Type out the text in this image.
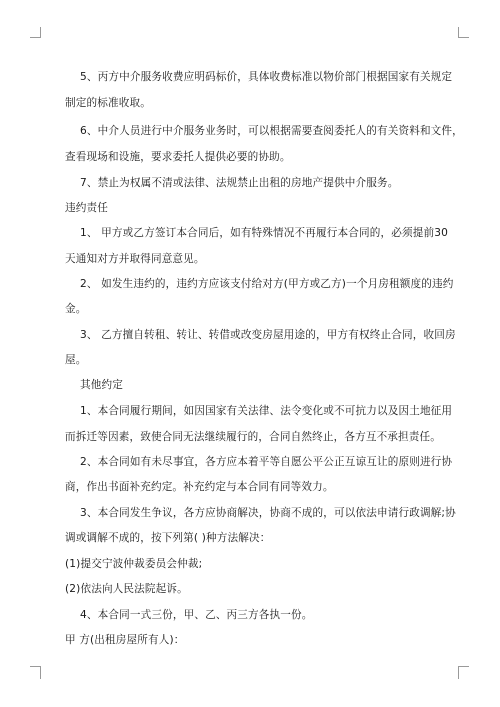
5、丙方中介服务收费应明码标价，具体收费标准以物价部门根据国家有关规定
制定的标准收取。
6、中介人员进行中介服务业务时，可以根据需要查阅委托人的有关资料和文件，
查看现场和设施，要求委托人提供必要的协助。
7、禁止为权属不清或法律、法规禁止出租的房地产提供中介服务。
违约责任
1、 甲方或乙方签订本合同后，如有特殊情况不再履行本合同的，必须提前30
天通知对方并取得同意意见。
2、 如发生违约的，违约方应该支付给对方(甲方或乙方)一个月房租额度的违约
金。
3、 乙方擅自转租、转让、转借或改变房屋用途的，甲方有权终止合同，收回房
屋。
其他约定
1、本合同履行期间，如因国家有关法律、法令变化或不可抗力以及因土地征用
而拆迁等因素，致使合同无法继续履行的，合同自然终止，各方互不承担责任。
2、本合同如有未尽事宜，各方应本着平等自愿公平公正互谅互让的原则进行协
商，作出书面补充约定。补充约定与本合同有同等效力。
3、本合同发生争议，各方应协商解决，协商不成的，可以依法申请行政调解;协
调或调解不成的，按下列第( )种方法解决：
(1)提交宁波仲裁委员会仲裁;
(2)依法向人民法院起诉。
4、本合同一式三份，甲、乙、丙三方各执一份。
甲 方(出租房屋所有人)：
